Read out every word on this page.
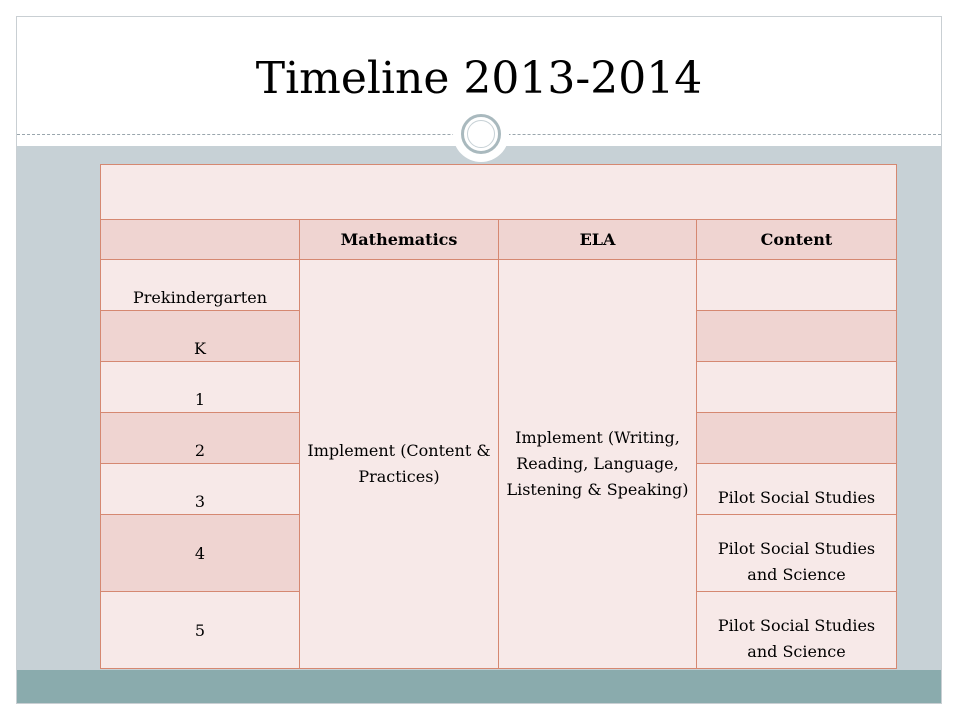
Timeline 2013-2014

	Mathematics	ELA	Content
Prekindergarten	Implement (Content & Practices)	Implement (Writing, Reading, Language, Listening & Speaking)	
K			
1			
2			
3			Pilot Social Studies
4			Pilot Social Studies and Science
5			Pilot Social Studies and Science
